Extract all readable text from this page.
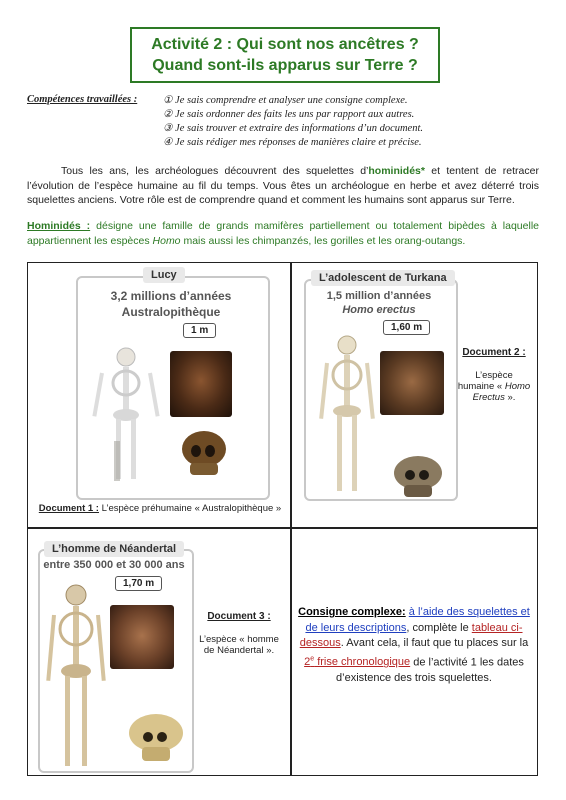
Activité 2 : Qui sont nos ancêtres ?
Quand sont-ils apparus sur Terre ?
Compétences travaillées : ① Je sais comprendre et analyser une consigne complexe.
② Je sais ordonner des faits les uns par rapport aux autres.
③ Je sais trouver et extraire des informations d’un document.
④ Je sais rédiger mes réponses de manières claire et précise.
Tous les ans, les archéologues découvrent des squelettes d’hominidés* et tentent de retracer l’évolution de l’espèce humaine au fil du temps. Vous êtes un archéologue en herbe et avez déterré trois squelettes anciens. Votre rôle est de comprendre quand et comment les humains sont apparus sur Terre.
Hominidés : désigne une famille de grands mamifères partiellement ou totalement bipèdes à laquelle appartiennent les espèces Homo mais aussi les chimpanzés, les gorilles et les orang-outangs.
Lucy
3,2 millions d’années
Australopithèque
1 m
Document 1 : L’espèce préhumaine « Australopithèque »
L’adolescent de Turkana
1,5 million d’années
Homo erectus
1,60 m
Document 2 :
L’espèce
humaine « Homo
Erectus ».
L’homme de Néandertal
entre 350 000 et 30 000 ans
1,70 m
Document 3 :
L’espèce « homme
de Néandertal ».
Consigne complexe: à l’aide des squelettes et de leurs descriptions, complète le tableau ci-dessous. Avant cela, il faut que tu places sur la 2e frise chronologique de l’activité 1 les dates d’existence des trois squelettes.
